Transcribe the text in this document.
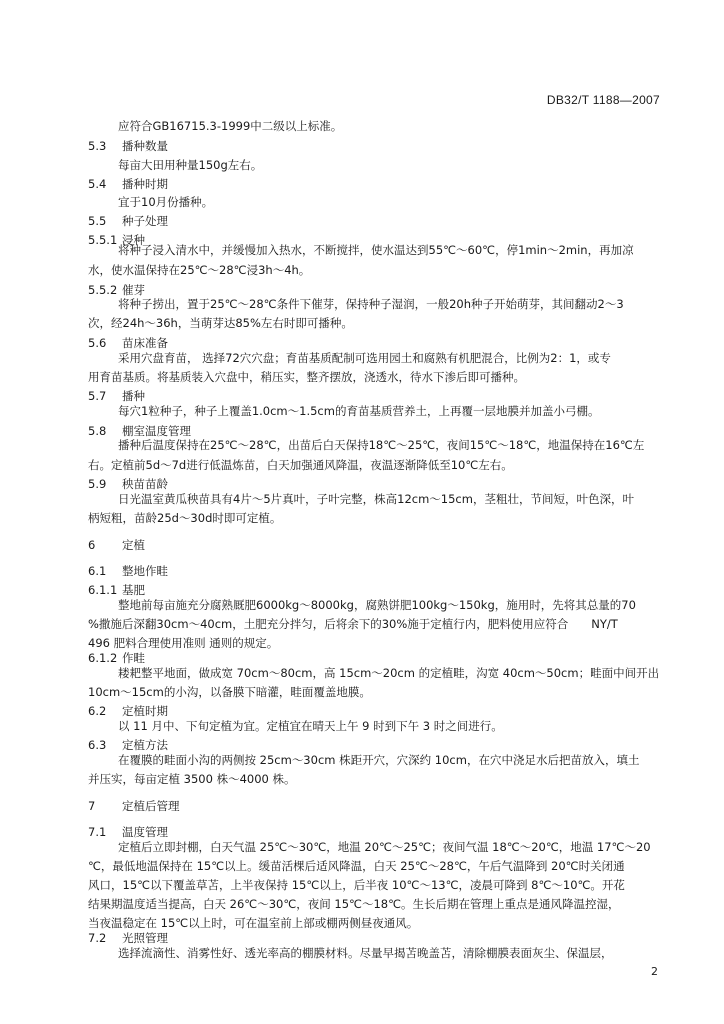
DB32/T 1188—2007
应符合GB16715.3-1999中二级以上标准。
5.3 播种数量
每亩大田用种量150g左右。
5.4 播种时期
宜于10月份播种。
5.5 种子处理
5.5.1 浸种
将种子浸入清水中，并缓慢加入热水，不断搅拌，使水温达到55℃～60℃，停1min～2min，再加凉
水，使水温保持在25℃～28℃浸3h～4h。
5.5.2 催芽
将种子捞出，置于25℃～28℃条件下催芽，保持种子湿润，一般20h种子开始萌芽，其间翻动2～3
次，经24h～36h，当萌芽达85%左右时即可播种。
5.6 苗床准备
采用穴盘育苗， 选择72穴穴盘；育苗基质配制可选用园土和腐熟有机肥混合，比例为2：1，或专
用育苗基质。将基质装入穴盘中，稍压实，整齐摆放，浇透水，待水下渗后即可播种。
5.7 播种
每穴1粒种子，种子上覆盖1.0cm～1.5cm的育苗基质营养土，上再覆一层地膜并加盖小弓棚。
5.8 棚室温度管理
播种后温度保持在25℃～28℃，出苗后白天保持18℃～25℃，夜间15℃～18℃，地温保持在16℃左
右。定植前5d～7d进行低温炼苗，白天加强通风降温，夜温逐渐降低至10℃左右。
5.9 秧苗苗龄
日光温室黄瓜秧苗具有4片～5片真叶，子叶完整，株高12cm～15cm，茎粗壮，节间短，叶色深，叶
柄短粗，苗龄25d～30d时即可定植。
6 定植
6.1 整地作畦
6.1.1 基肥
整地前每亩施充分腐熟厩肥6000kg～8000kg，腐熟饼肥100kg～150kg，施用时，先将其总量的70
%撒施后深翻30cm～40cm，土肥充分拌匀，后将余下的30%施于定植行内，肥料使用应符合　　NY/T
496 肥料合理使用准则 通则的规定。
6.1.2 作畦
耧耙整平地面，做成宽 70cm～80cm，高 15cm～20cm 的定植畦，沟宽 40cm～50cm；畦面中间开出
10cm～15cm的小沟，以备膜下暗灌，畦面覆盖地膜。
6.2 定植时期
以 11 月中、下旬定植为宜。定植宜在晴天上午 9 时到下午 3 时之间进行。
6.3 定植方法
在覆膜的畦面小沟的两侧按 25cm～30cm 株距开穴，穴深约 10cm，在穴中浇足水后把苗放入，填土
并压实，每亩定植 3500 株～4000 株。
7 定植后管理
7.1 温度管理
定植后立即封棚，白天气温 25℃～30℃，地温 20℃～25℃；夜间气温 18℃～20℃，地温 17℃～20
℃，最低地温保持在 15℃以上。缓苗活棵后适风降温，白天 25℃～28℃，午后气温降到 20℃时关闭通
风口，15℃以下覆盖草苫，上半夜保持 15℃以上，后半夜 10℃～13℃，凌晨可降到 8℃～10℃。开花
结果期温度适当提高，白天 26℃～30℃，夜间 15℃～18℃。生长后期在管理上重点是通风降温控湿，
当夜温稳定在 15℃以上时，可在温室前上部或棚两侧昼夜通风。
7.2 光照管理
选择流滴性、消雾性好、透光率高的棚膜材料。尽量早揭苫晚盖苫，清除棚膜表面灰尘、保温层，
2
